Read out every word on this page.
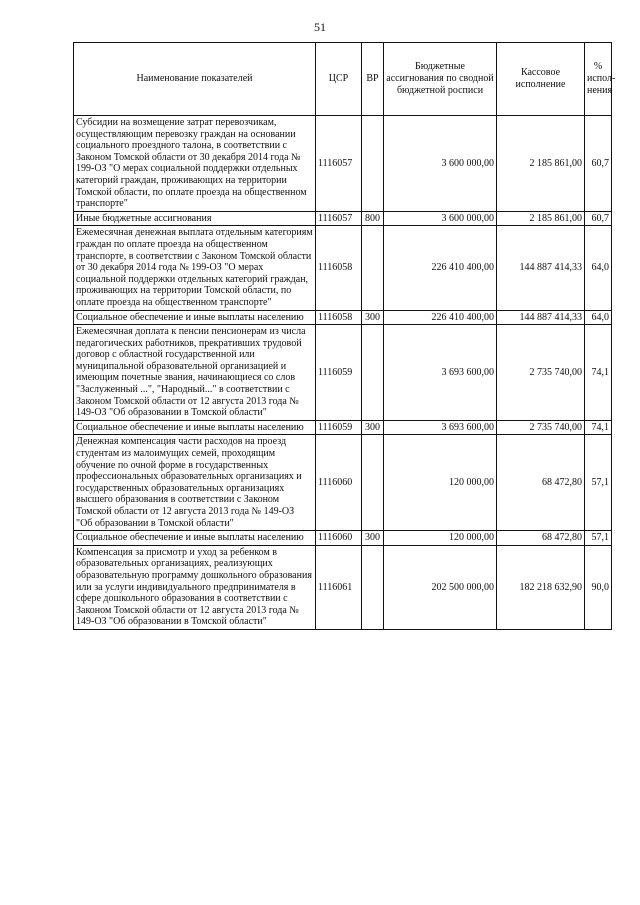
51
Наименование показателей	ЦСР	ВР	Бюджетные ассигнования по сводной бюджетной росписи	Кассовое исполнение	% испол-нения
Субсидии на возмещение затрат перевозчикам, осуществляющим перевозку граждан на основании социального проездного талона, в соответствии с Законом Томской области от 30 декабря 2014 года № 199-ОЗ "О мерах социальной поддержки отдельных категорий граждан, проживающих на территории Томской области, по оплате проезда на общественном транспорте"	1116057		3 600 000,00	2 185 861,00	60,7
Иные бюджетные ассигнования	1116057	800	3 600 000,00	2 185 861,00	60,7
Ежемесячная денежная выплата отдельным категориям граждан по оплате проезда на общественном транспорте, в соответствии с Законом Томской области от 30 декабря 2014 года № 199-ОЗ "О мерах социальной поддержки отдельных категорий граждан, проживающих на территории Томской области, по оплате проезда на общественном транспорте"	1116058		226 410 400,00	144 887 414,33	64,0
Социальное обеспечение и иные выплаты населению	1116058	300	226 410 400,00	144 887 414,33	64,0
Ежемесячная доплата к пенсии пенсионерам из числа педагогических работников, прекративших трудовой договор с областной государственной или муниципальной образовательной организацией и имеющим почетные звания, начинающиеся со слов "Заслуженный ...", "Народный..." в соответствии с Законом Томской области от 12 августа 2013 года № 149-ОЗ "Об образовании в Томской области"	1116059		3 693 600,00	2 735 740,00	74,1
Социальное обеспечение и иные выплаты населению	1116059	300	3 693 600,00	2 735 740,00	74,1
Денежная компенсация части расходов на проезд студентам из малоимущих семей, проходящим обучение по очной форме в государственных профессиональных образовательных организациях и государственных образовательных организациях высшего образования в соответствии с Законом Томской области от 12 августа 2013 года № 149-ОЗ "Об образовании в Томской области"	1116060		120 000,00	68 472,80	57,1
Социальное обеспечение и иные выплаты населению	1116060	300	120 000,00	68 472,80	57,1
Компенсация за присмотр и уход за ребенком в образовательных организациях, реализующих образовательную программу дошкольного образования или за услуги индивидуального предпринимателя в сфере дошкольного образования в соответствии с Законом Томской области от 12 августа 2013 года № 149-ОЗ "Об образовании в Томской области"	1116061		202 500 000,00	182 218 632,90	90,0
